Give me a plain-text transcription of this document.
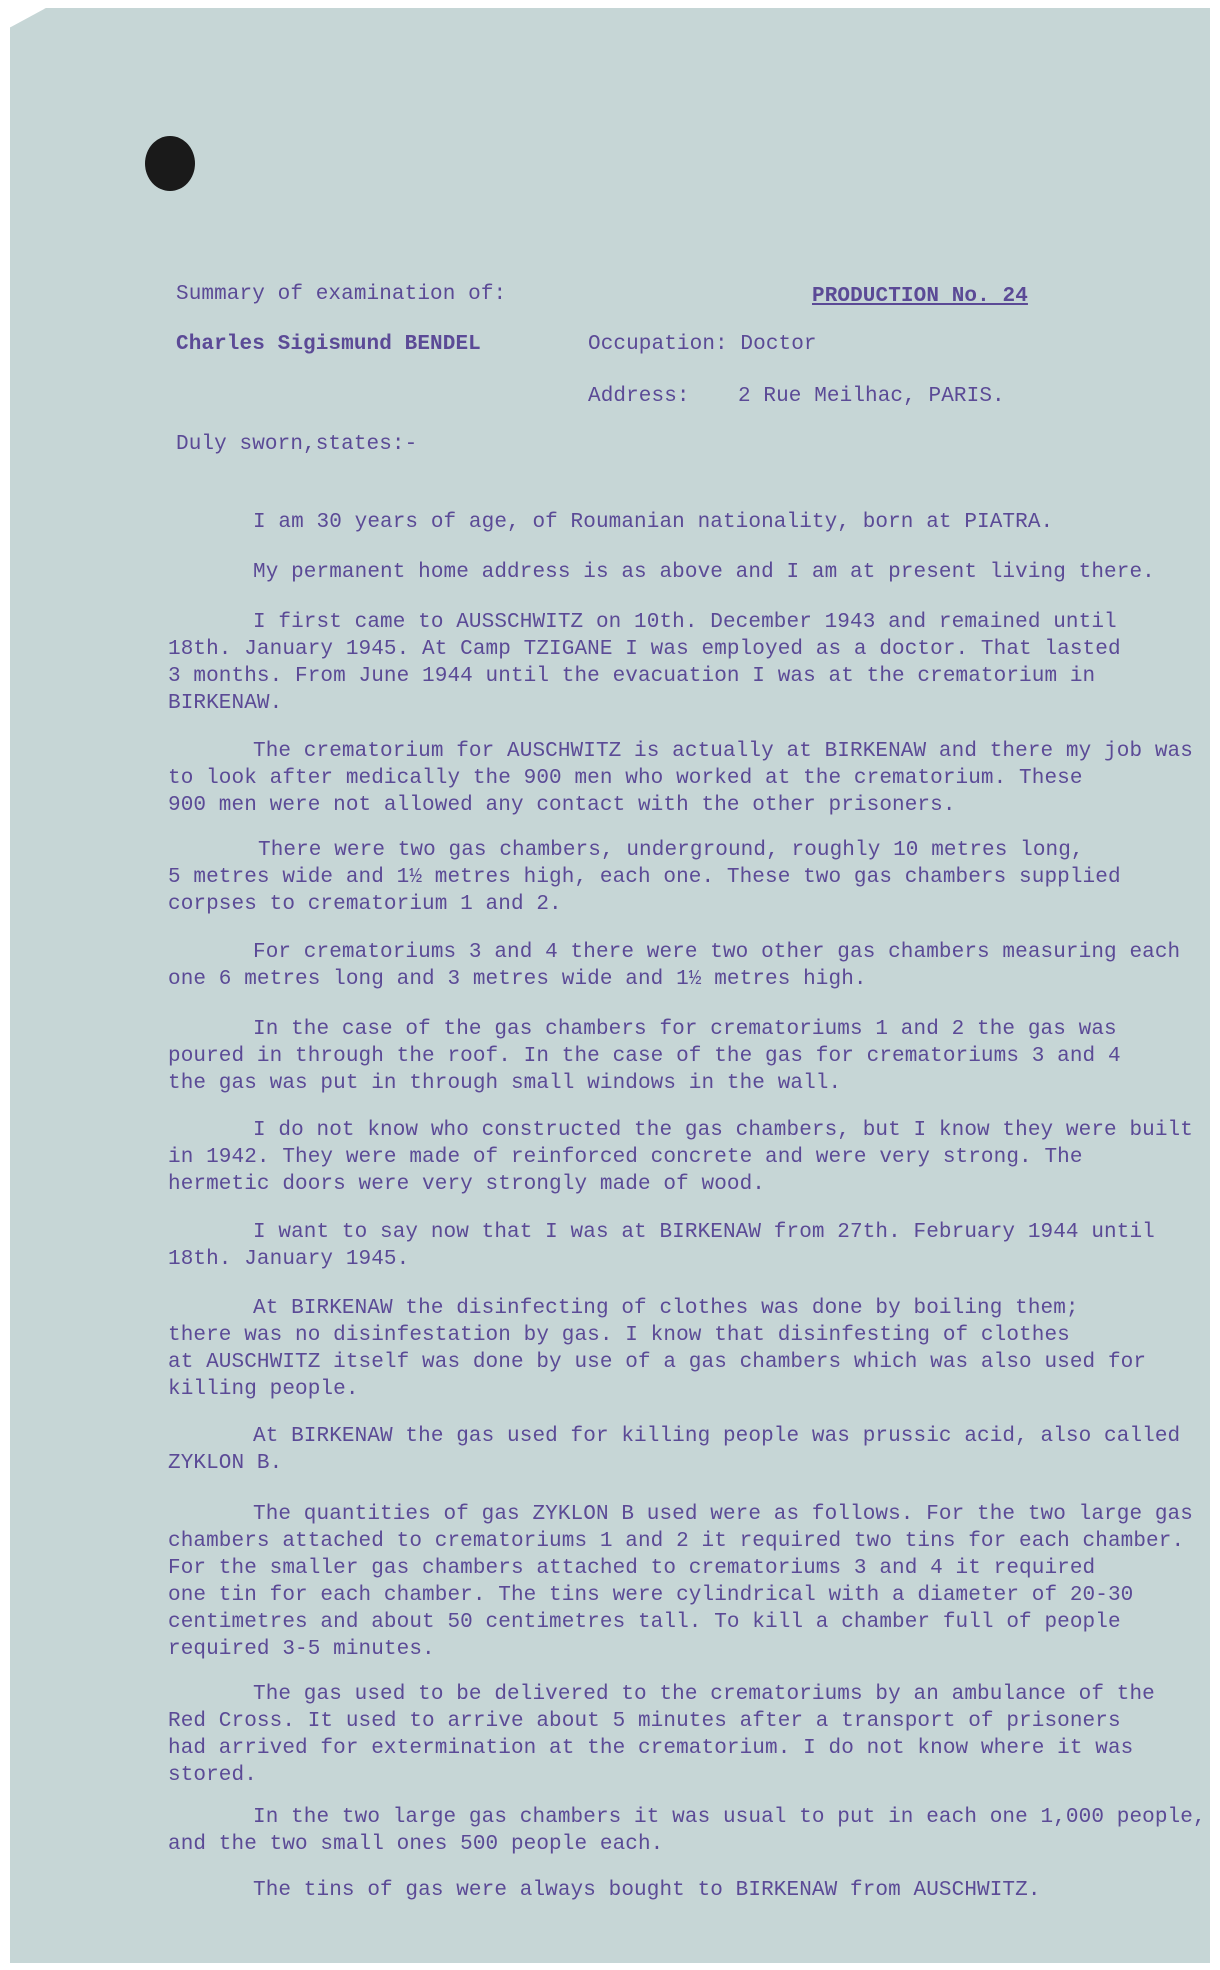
Summary of examination of:	PRODUCTION No. 24
Charles Sigismund BENDEL	Occupation: Doctor
Address: 2 Rue Meilhac, PARIS.
Duly sworn,states:-
I am 30 years of age, of Roumanian nationality, born at PIATRA.
My permanent home address is as above and I am at present living there.
I first came to AUSSCHWITZ on 10th. December 1943 and remained until
18th. January 1945. At Camp TZIGANE I was employed as a doctor. That lasted
3 months. From June 1944 until the evacuation I was at the crematorium in
BIRKENAW.
The crematorium for AUSCHWITZ is actually at BIRKENAW and there my job was
to look after medically the 900 men who worked at the crematorium. These
900 men were not allowed any contact with the other prisoners.
There were two gas chambers, underground, roughly 10 metres long,
5 metres wide and 1½ metres high, each one. These two gas chambers supplied
corpses to crematorium 1 and 2.
For crematoriums 3 and 4 there were two other gas chambers measuring each
one 6 metres long and 3 metres wide and 1½ metres high.
In the case of the gas chambers for crematoriums 1 and 2 the gas was
poured in through the roof. In the case of the gas for crematoriums 3 and 4
the gas was put in through small windows in the wall.
I do not know who constructed the gas chambers, but I know they were built
in 1942. They were made of reinforced concrete and were very strong. The
hermetic doors were very strongly made of wood.
I want to say now that I was at BIRKENAW from 27th. February 1944 until
18th. January 1945.
At BIRKENAW the disinfecting of clothes was done by boiling them;
there was no disinfestation by gas. I know that disinfesting of clothes
at AUSCHWITZ itself was done by use of a gas chambers which was also used for
killing people.
At BIRKENAW the gas used for killing people was prussic acid, also called
ZYKLON B.
The quantities of gas ZYKLON B used were as follows. For the two large gas
chambers attached to crematoriums 1 and 2 it required two tins for each chamber.
For the smaller gas chambers attached to crematoriums 3 and 4 it required
one tin for each chamber. The tins were cylindrical with a diameter of 20-30
centimetres and about 50 centimetres tall. To kill a chamber full of people
required 3-5 minutes.
The gas used to be delivered to the crematoriums by an ambulance of the
Red Cross. It used to arrive about 5 minutes after a transport of prisoners
had arrived for extermination at the crematorium. I do not know where it was
stored.
In the two large gas chambers it was usual to put in each one 1,000 people,
and the two small ones 500 people each.
The tins of gas were always bought to BIRKENAW from AUSCHWITZ.
